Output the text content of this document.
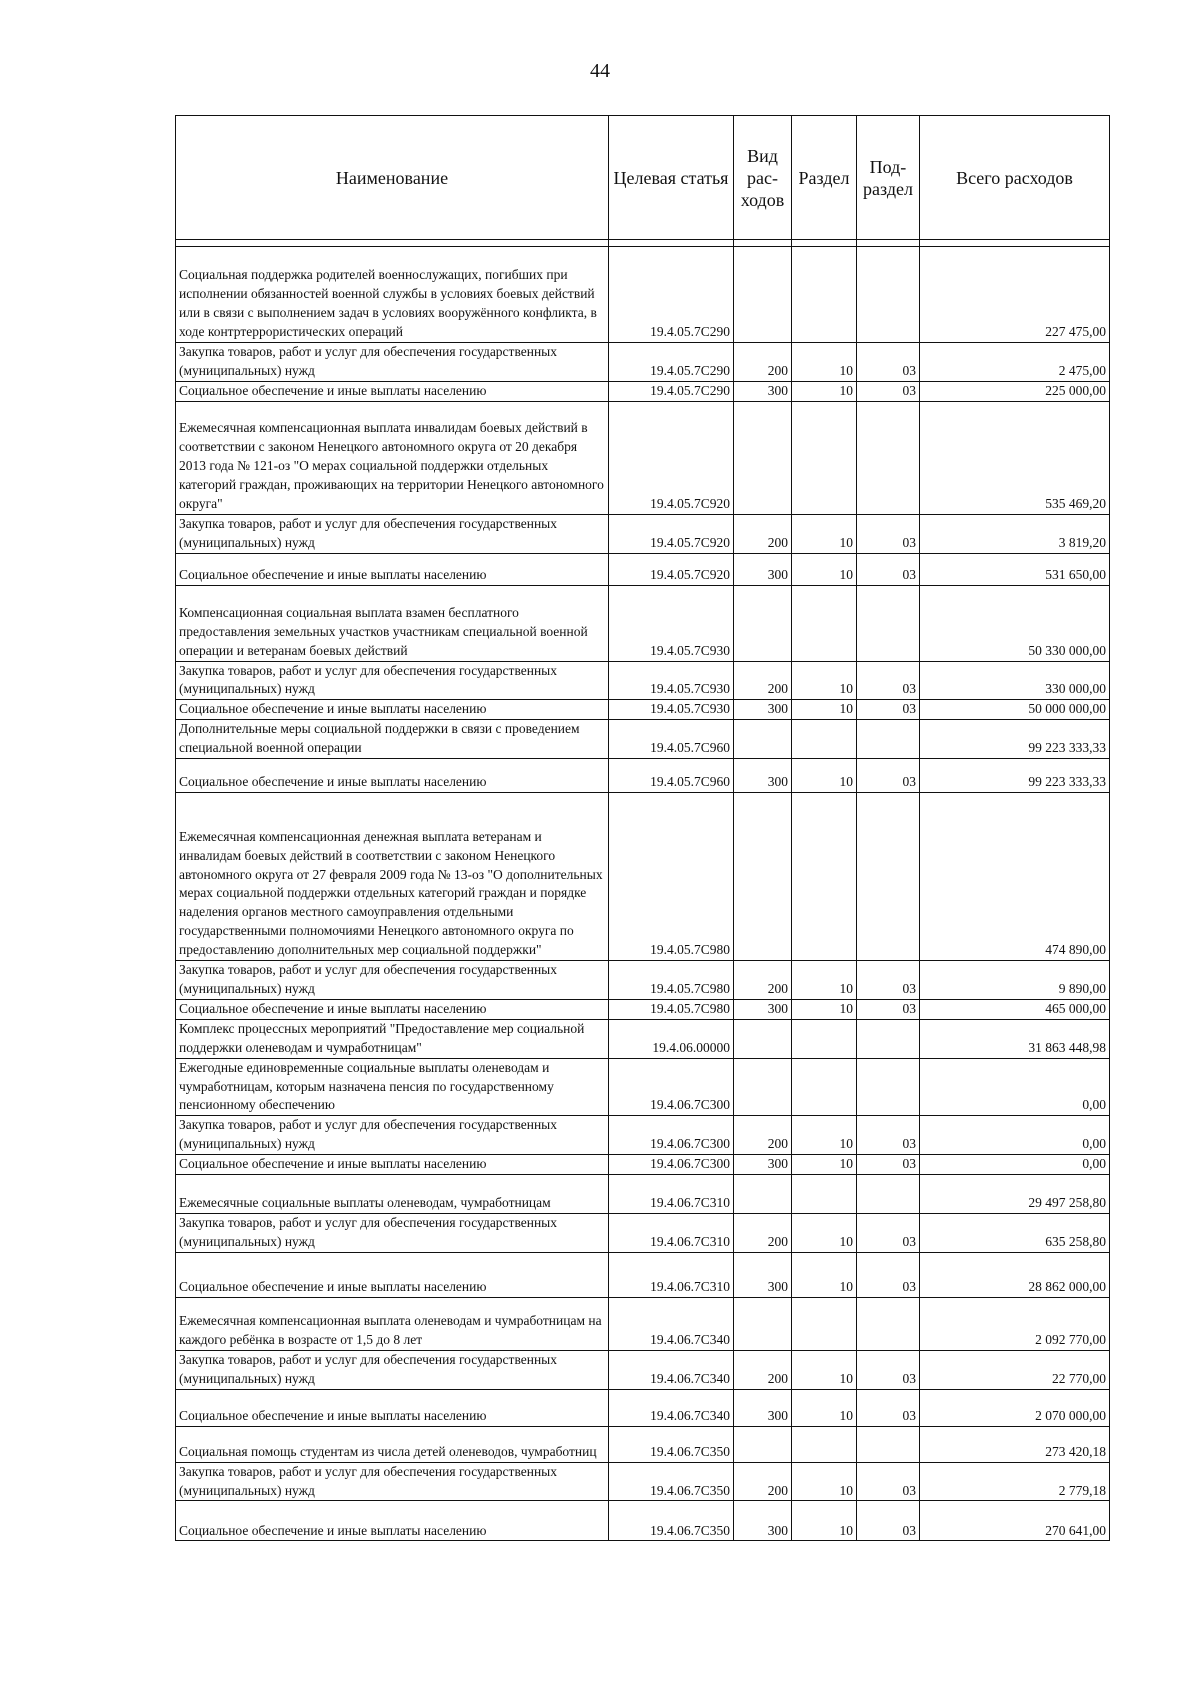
44
Наименование	Целевая статья	Вид рас-ходов	Раздел	Под-раздел	Всего расходов

Социальная поддержка родителей военнослужащих, погибших при исполнении обязанностей военной службы в условиях боевых действий или в связи с выполнением задач в условиях вооружённого конфликта, в ходе контртеррористических операций	19.4.05.7С290				227 475,00
Закупка товаров, работ и услуг для обеспечения государственных (муниципальных) нужд	19.4.05.7С290	200	10	03	2 475,00
Социальное обеспечение и иные выплаты населению	19.4.05.7С290	300	10	03	225 000,00
Ежемесячная компенсационная выплата инвалидам боевых действий в соответствии с законом Ненецкого автономного округа от 20 декабря 2013 года № 121-оз "О мерах социальной поддержки отдельных категорий граждан, проживающих на территории Ненецкого автономного округа"	19.4.05.7С920				535 469,20
Закупка товаров, работ и услуг для обеспечения государственных (муниципальных) нужд	19.4.05.7С920	200	10	03	3 819,20
Социальное обеспечение и иные выплаты населению	19.4.05.7С920	300	10	03	531 650,00
Компенсационная социальная выплата взамен бесплатного предоставления земельных участков участникам специальной военной операции и ветеранам боевых действий	19.4.05.7С930				50 330 000,00
Закупка товаров, работ и услуг для обеспечения государственных (муниципальных) нужд	19.4.05.7С930	200	10	03	330 000,00
Социальное обеспечение и иные выплаты населению	19.4.05.7С930	300	10	03	50 000 000,00
Дополнительные меры социальной поддержки в связи с проведением специальной военной операции	19.4.05.7С960				99 223 333,33
Социальное обеспечение и иные выплаты населению	19.4.05.7С960	300	10	03	99 223 333,33
Ежемесячная компенсационная денежная выплата ветеранам и инвалидам боевых действий в соответствии с законом Ненецкого автономного округа от 27 февраля 2009 года № 13-оз "О дополнительных мерах социальной поддержки отдельных категорий граждан и порядке наделения органов местного самоуправления отдельными государственными полномочиями Ненецкого автономного округа по предоставлению дополнительных мер социальной поддержки"	19.4.05.7С980				474 890,00
Закупка товаров, работ и услуг для обеспечения государственных (муниципальных) нужд	19.4.05.7С980	200	10	03	9 890,00
Социальное обеспечение и иные выплаты населению	19.4.05.7С980	300	10	03	465 000,00
Комплекс процессных мероприятий "Предоставление мер социальной поддержки оленеводам и чумработницам"	19.4.06.00000				31 863 448,98
Ежегодные единовременные социальные выплаты оленеводам и чумработницам, которым назначена пенсия по государственному пенсионному обеспечению	19.4.06.7С300				0,00
Закупка товаров, работ и услуг для обеспечения государственных (муниципальных) нужд	19.4.06.7С300	200	10	03	0,00
Социальное обеспечение и иные выплаты населению	19.4.06.7С300	300	10	03	0,00
Ежемесячные социальные выплаты оленеводам, чумработницам	19.4.06.7С310				29 497 258,80
Закупка товаров, работ и услуг для обеспечения государственных (муниципальных) нужд	19.4.06.7С310	200	10	03	635 258,80
Социальное обеспечение и иные выплаты населению	19.4.06.7С310	300	10	03	28 862 000,00
Ежемесячная компенсационная выплата оленеводам и чумработницам на каждого ребёнка в возрасте от 1,5 до 8 лет	19.4.06.7С340				2 092 770,00
Закупка товаров, работ и услуг для обеспечения государственных (муниципальных) нужд	19.4.06.7С340	200	10	03	22 770,00
Социальное обеспечение и иные выплаты населению	19.4.06.7С340	300	10	03	2 070 000,00
Социальная помощь студентам из числа детей оленеводов, чумработниц	19.4.06.7С350				273 420,18
Закупка товаров, работ и услуг для обеспечения государственных (муниципальных) нужд	19.4.06.7С350	200	10	03	2 779,18
Социальное обеспечение и иные выплаты населению	19.4.06.7С350	300	10	03	270 641,00
